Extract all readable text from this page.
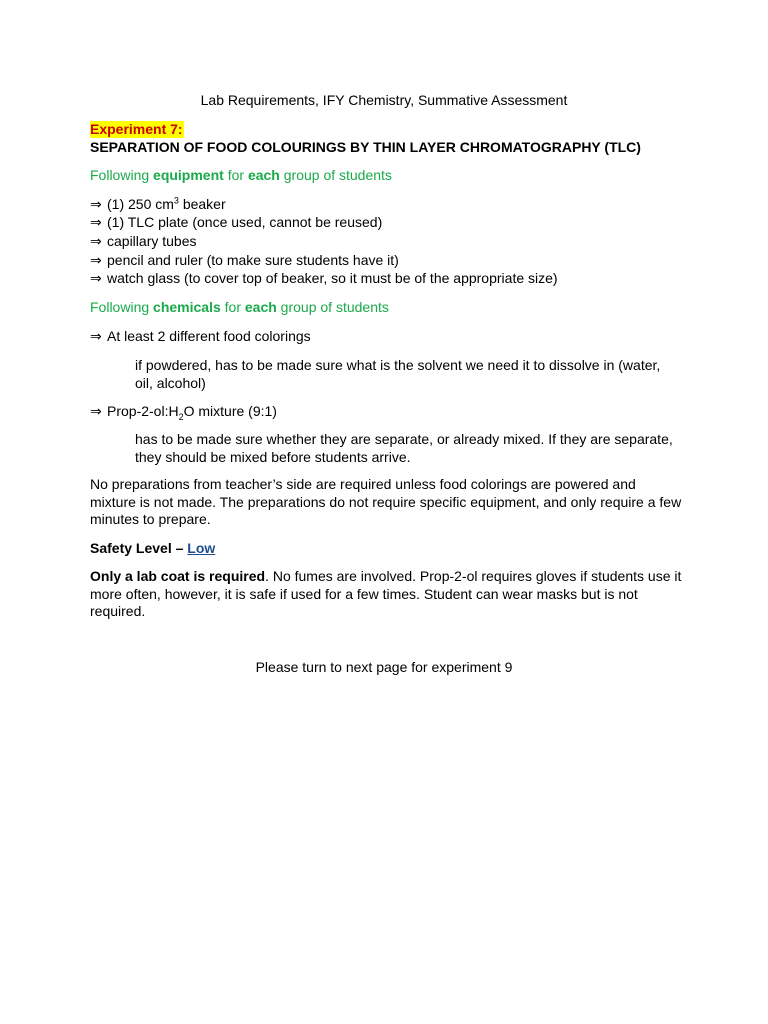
Lab Requirements, IFY Chemistry, Summative Assessment
Experiment 7:
SEPARATION OF FOOD COLOURINGS BY THIN LAYER CHROMATOGRAPHY (TLC)
Following equipment for each group of students
⇒ (1) 250 $cm^3$ beaker
⇒ (1) TLC plate (once used, cannot be reused)
⇒ capillary tubes
⇒ pencil and ruler (to make sure students have it)
⇒ watch glass (to cover top of beaker, so it must be of the appropriate size)
Following chemicals for each group of students
⇒ At least 2 different food colorings
if powdered, has to be made sure what is the solvent we need it to dissolve in (water, oil, alcohol)
⇒ Prop-$2-ol:H_2O$ mixture (9:1)
has to be made sure whether they are separate, or already mixed. If they are separate, they should be mixed before students arrive.
No preparations from teacher’s side are required unless food colorings are powered and mixture is not made. The preparations do not require specific equipment, and only require a few minutes to prepare.
Safety Level – Low
Only a lab coat is required. No fumes are involved. Prop-2-ol requires gloves if students use it more often, however, it is safe if used for a few times. Student can wear masks but is not required.
Please turn to next page for experiment 9
